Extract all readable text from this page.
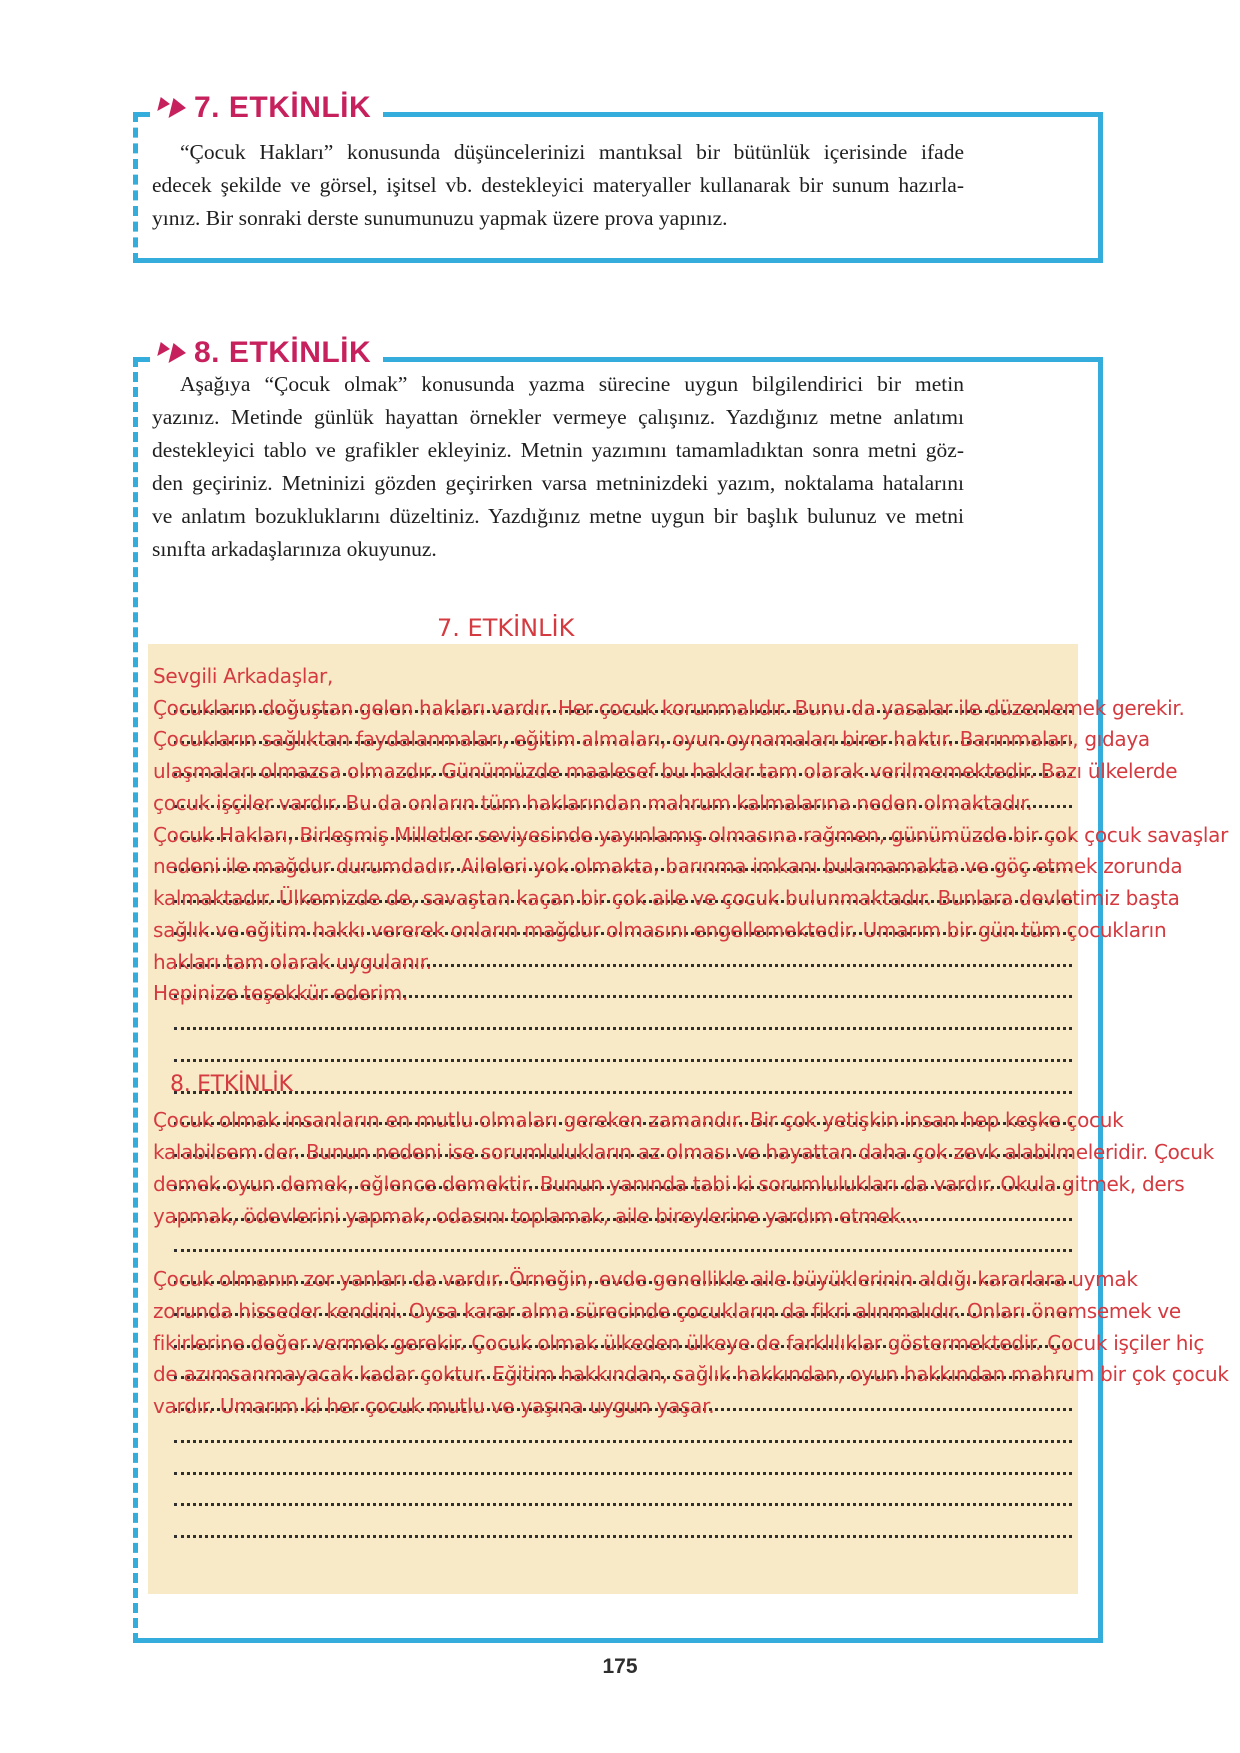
7. ETKİNLİK
“Çocuk Hakları” konusunda düşüncelerinizi mantıksal bir bütünlük içerisinde ifade
edecek şekilde ve görsel, işitsel vb. destekleyici materyaller kullanarak bir sunum hazırla-
yınız. Bir sonraki derste sunumunuzu yapmak üzere prova yapınız.
8. ETKİNLİK
Aşağıya “Çocuk olmak” konusunda yazma sürecine uygun bilgilendirici bir metin
yazınız. Metinde günlük hayattan örnekler vermeye çalışınız. Yazdığınız metne anlatımı
destekleyici tablo ve grafikler ekleyiniz. Metnin yazımını tamamladıktan sonra metni göz-
den geçiriniz. Metninizi gözden geçirirken varsa metninizdeki yazım, noktalama hatalarını
ve anlatım bozukluklarını düzeltiniz. Yazdığınız metne uygun bir başlık bulunuz ve metni
sınıfta arkadaşlarınıza okuyunuz.
7. ETKİNLİK
Sevgili Arkadaşlar,
Çocukların doğuştan gelen hakları vardır. Her çocuk korunmalıdır. Bunu da yasalar ile düzenlemek gerekir.
Çocukların sağlıktan faydalanmaları, eğitim almaları, oyun oynamaları birer haktır. Barınmaları, gıdaya
ulaşmaları olmazsa olmazdır. Günümüzde maalesef bu haklar tam olarak verilmemektedir. Bazı ülkelerde
çocuk işçiler vardır. Bu da onların tüm haklarından mahrum kalmalarına neden olmaktadır.
Çocuk Hakları, Birleşmiş Milletler seviyesinde yayınlamış olmasına rağmen, günümüzde bir çok çocuk savaşlar
nedeni ile mağdur durumdadır. Aileleri yok olmakta, barınma imkanı bulamamakta ve göç etmek zorunda
kalmaktadır. Ülkemizde de, savaştan kaçan bir çok aile ve çocuk bulunmaktadır. Bunlara devletimiz başta
sağlık ve eğitim hakkı vererek onların mağdur olmasını engellemektedir. Umarım bir gün tüm çocukların
hakları tam olarak uygulanır.
Hepinize teşekkür ederim.
8. ETKİNLİK
Çocuk olmak insanların en mutlu olmaları gereken zamandır. Bir çok yetişkin insan hep keşke çocuk
kalabilsem der. Bunun nedeni ise sorumlulukların az olması ve hayattan daha çok zevk alabilmeleridir. Çocuk
demek oyun demek, eğlence demektir. Bunun yanında tabi ki sorumlulukları da vardır. Okula gitmek, ders
yapmak, ödevlerini yapmak, odasını toplamak, aile bireylerine yardım etmek...
Çocuk olmanın zor yanları da vardır. Örneğin, evde genellikle aile büyüklerinin aldığı kararlara uymak
zorunda hisseder kendini. Oysa karar alma sürecinde çocukların da fikri alınmalıdır. Onları önemsemek ve
fikirlerine değer vermek gerekir. Çocuk olmak ülkeden ülkeye de farklılıklar göstermektedir. Çocuk işçiler hiç
de azımsanmayacak kadar çoktur. Eğitim hakkından, sağlık hakkından, oyun hakkından mahrum bir çok çocuk
vardır. Umarım ki her çocuk mutlu ve yaşına uygun yaşar.
175
